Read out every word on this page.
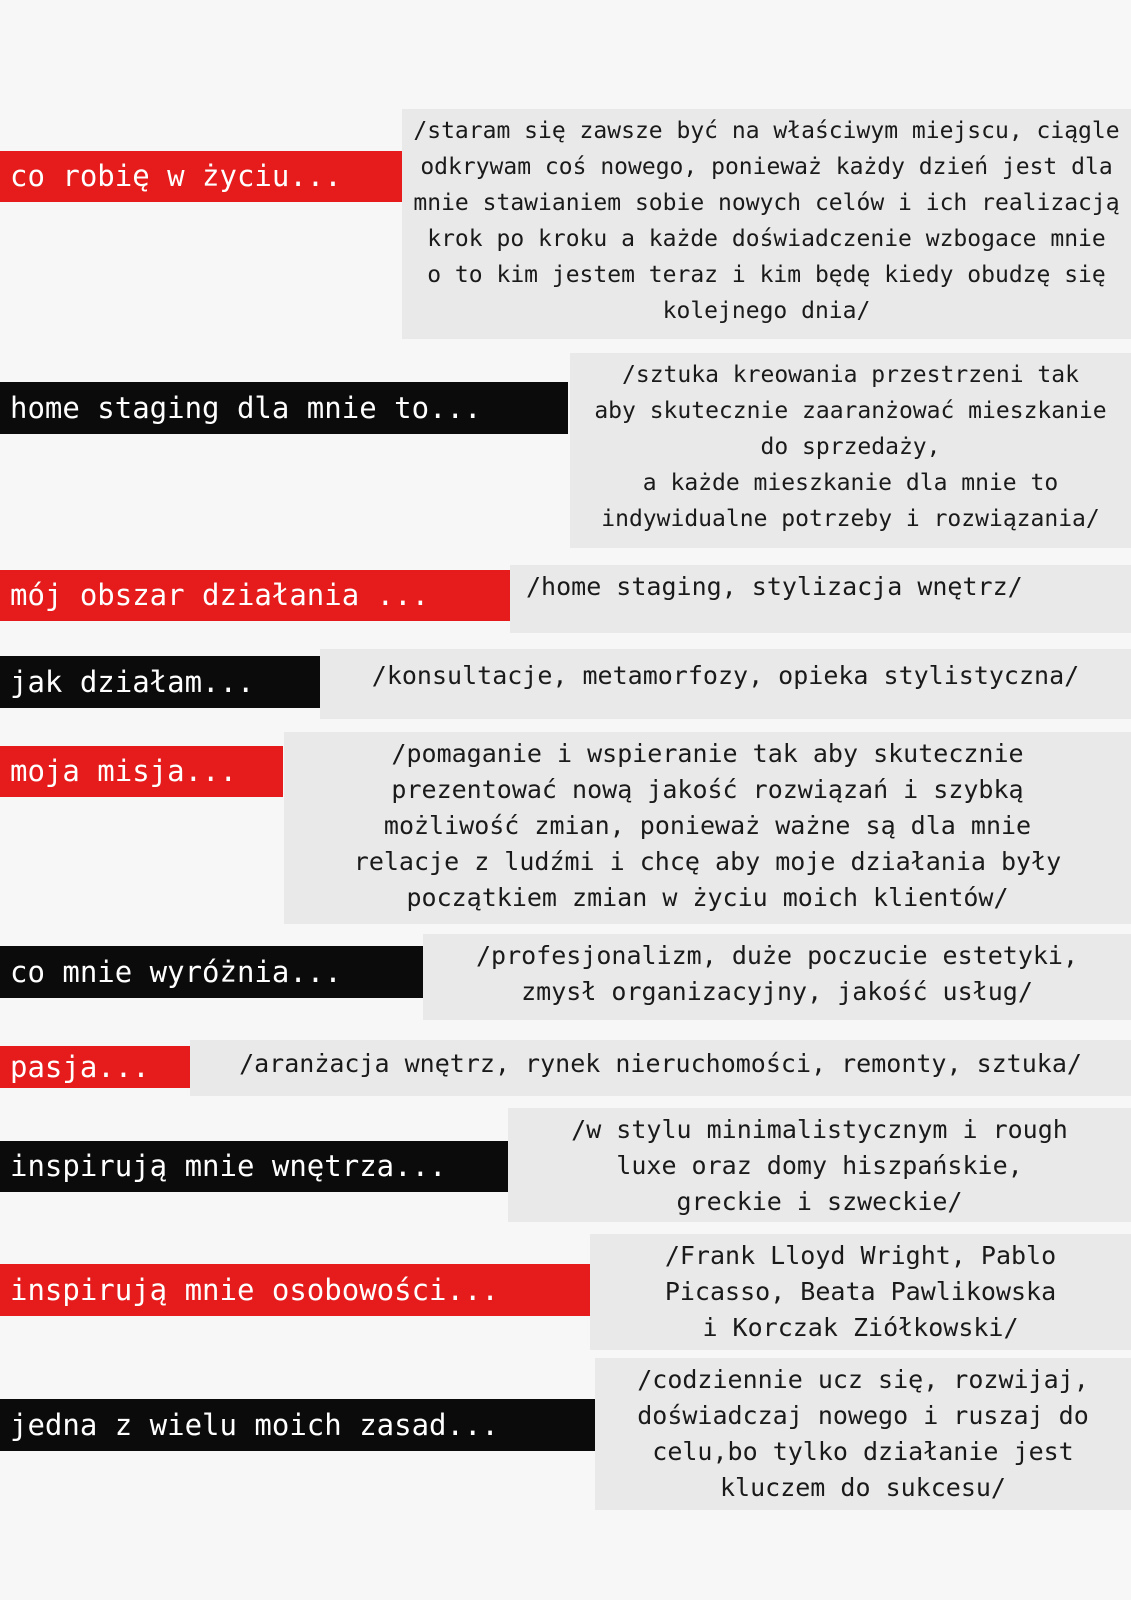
co robię w życiu...
/staram się zawsze być na właściwym miejscu, ciągle
odkrywam coś nowego, ponieważ każdy dzień jest dla
mnie stawianiem sobie nowych celów i ich realizacją
krok po kroku a każde doświadczenie wzbogace mnie
o to kim jestem teraz i kim będę kiedy obudzę się
kolejnego dnia/
home staging dla mnie to...
/sztuka kreowania przestrzeni tak
aby skutecznie zaaranżować mieszkanie
do sprzedaży,
a każde mieszkanie dla mnie to
indywidualne potrzeby i rozwiązania/
mój obszar działania ...	/home staging, stylizacja wnętrz/
jak działam...	/konsultacje, metamorfozy, opieka stylistyczna/
moja misja...
/pomaganie i wspieranie tak aby skutecznie
prezentować nową jakość rozwiązań i szybką
możliwość zmian, ponieważ ważne są dla mnie
relacje z ludźmi i chcę aby moje działania były
początkiem zmian w życiu moich klientów/
co mnie wyróżnia...	/profesjonalizm, duże poczucie estetyki,
zmysł organizacyjny, jakość usług/
pasja...	/aranżacja wnętrz, rynek nieruchomości, remonty, sztuka/
inspirują mnie wnętrza...
/w stylu minimalistycznym i rough
luxe oraz domy hiszpańskie,
greckie i szweckie/
inspirują mnie osobowości...
/Frank Lloyd Wright, Pablo
Picasso, Beata Pawlikowska
i Korczak Ziółkowski/
jedna z wielu moich zasad...
/codziennie ucz się, rozwijaj,
doświadczaj nowego i ruszaj do
celu,bo tylko działanie jest
kluczem do sukcesu/
